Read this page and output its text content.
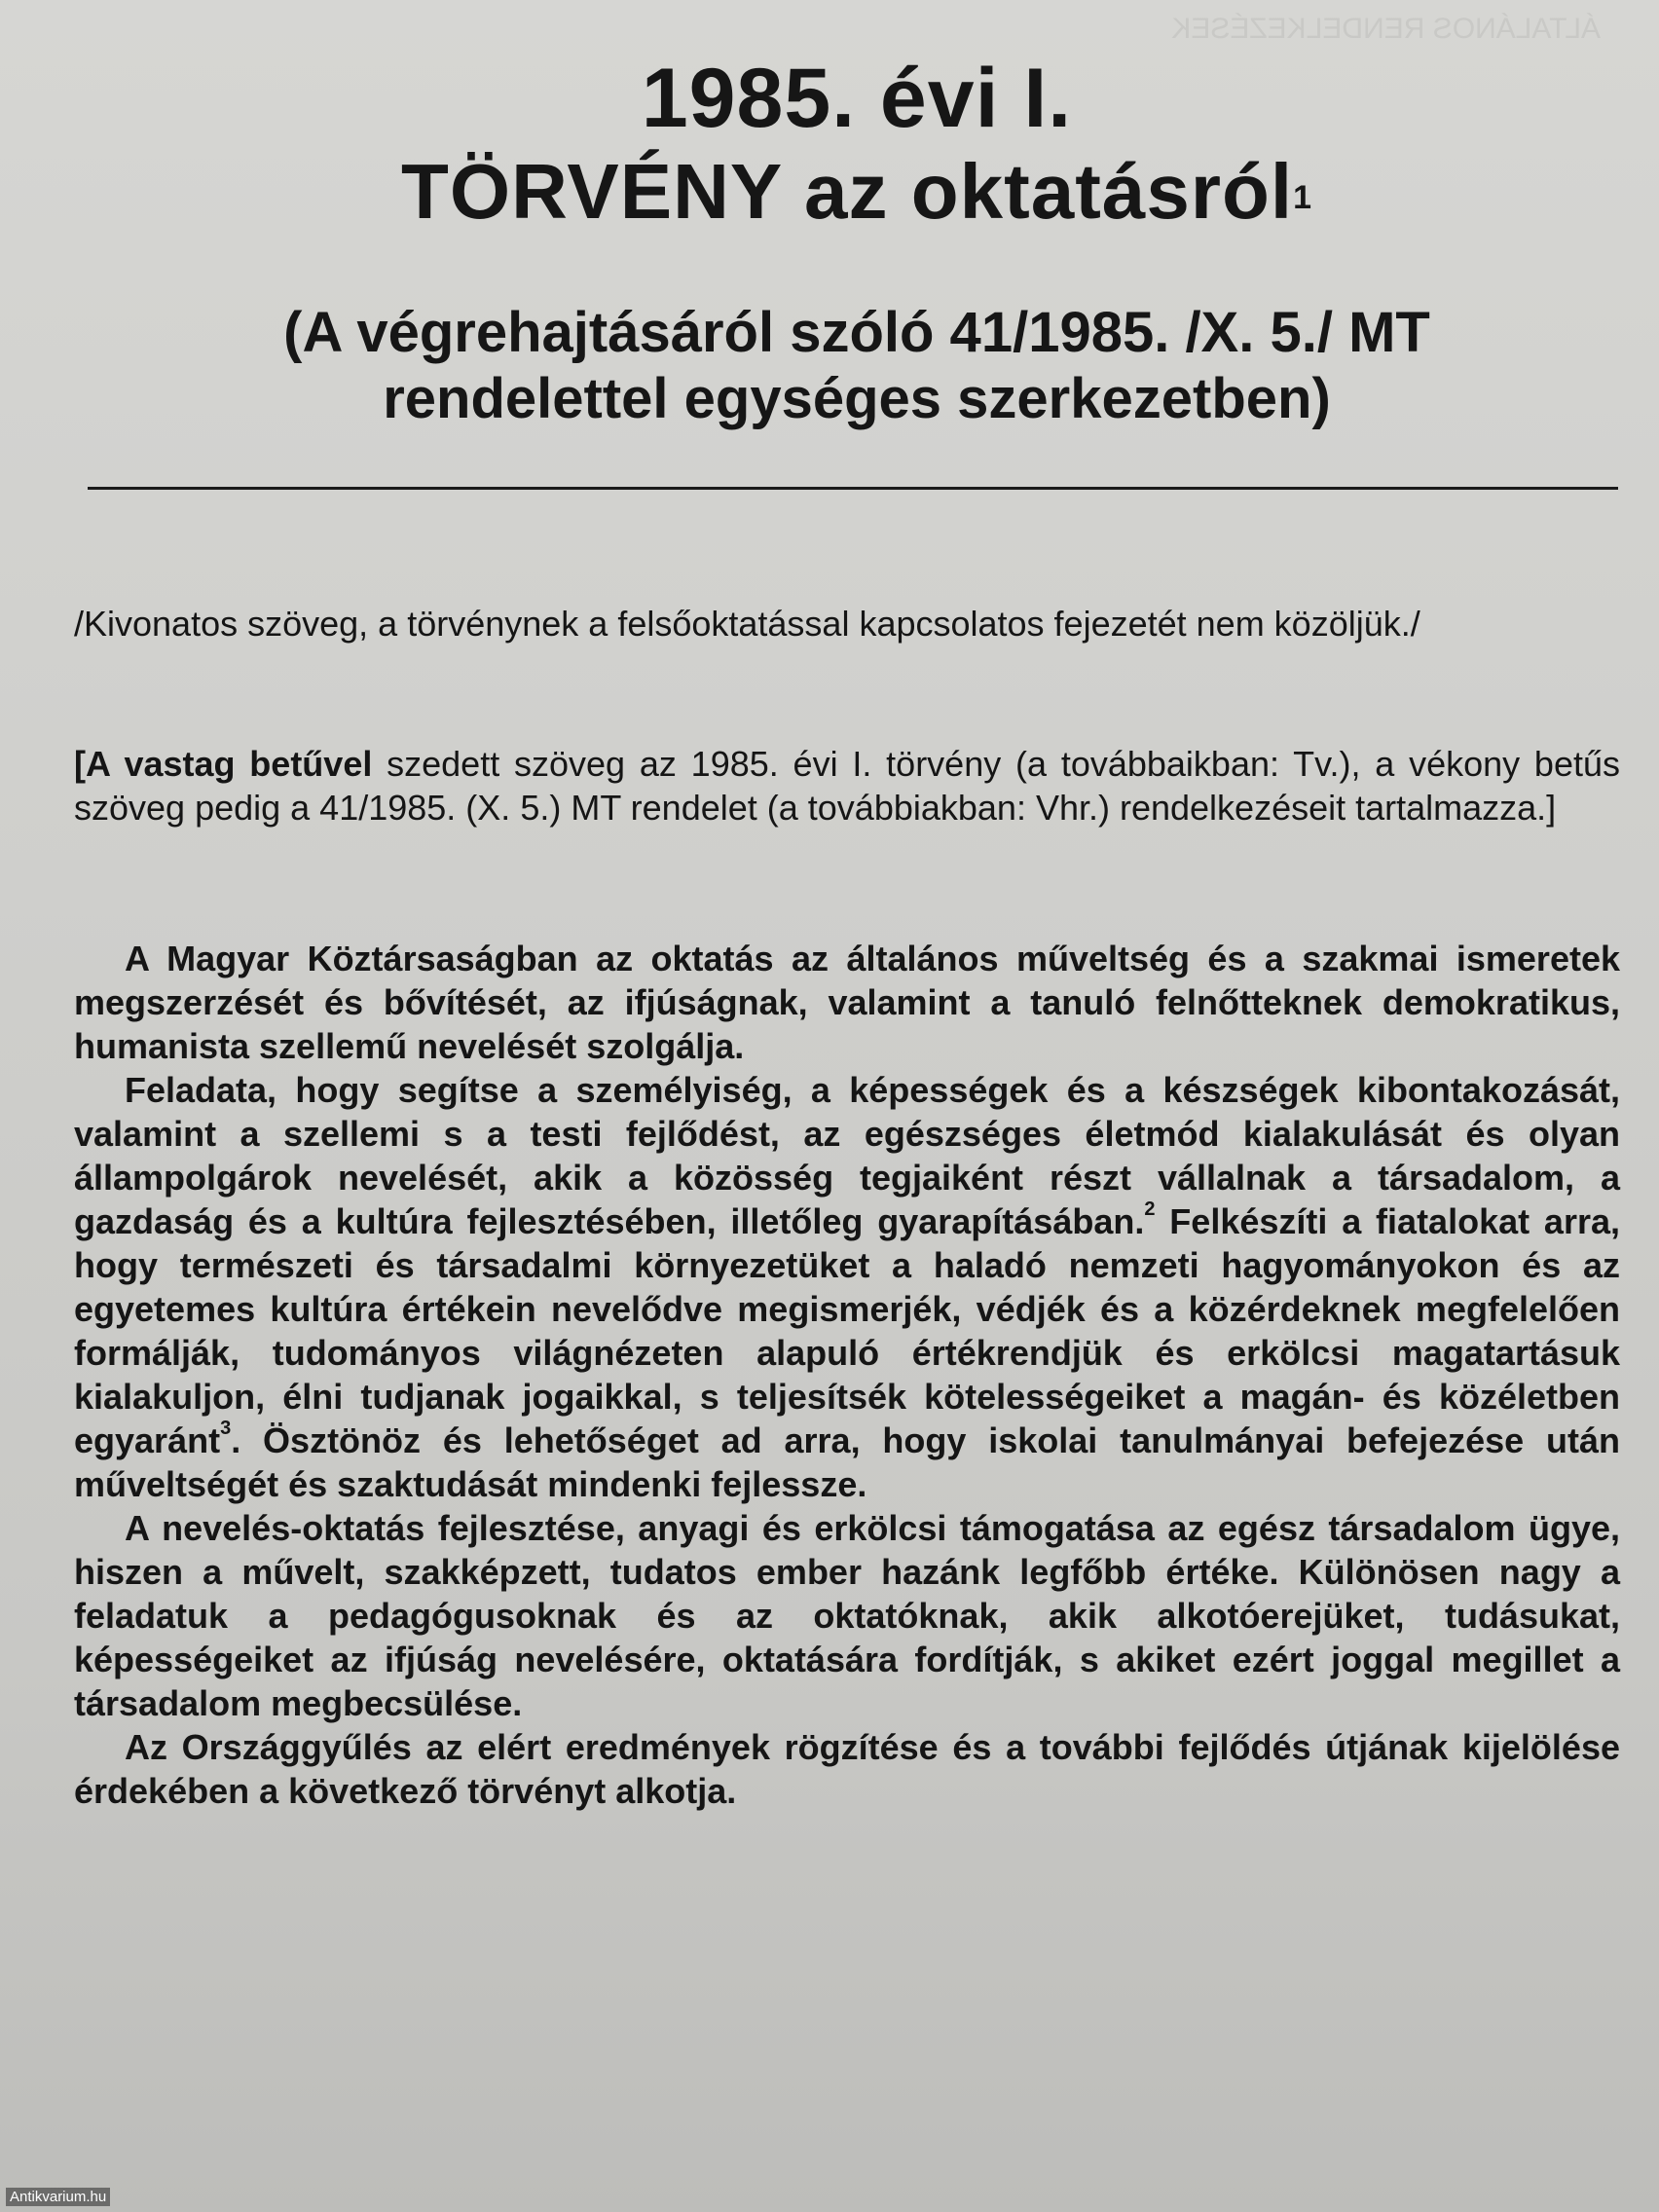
ÁLTALÁNOS RENDELKEZÉSEK
1985. évi I.
TÖRVÉNY az oktatásról$^1$
(A végrehajtásáról szóló 41/1985. /X. 5./ MT
rendelettel egységes szerkezetben)

/Kivonatos szöveg, a törvénynek a felsőoktatással kapcsolatos fejezetét nem közöljük./

[A vastag betűvel szedett szöveg az 1985. évi I. törvény (a továbbaikban: Tv.), a vékony betűs szöveg pedig a 41/1985. (X. 5.) MT rendelet (a továbbiakban: Vhr.) rendelkezéseit tartalmazza.]

A Magyar Köztársaságban az oktatás az általános műveltség és a szakmai ismeretek megszerzését és bővítését, az ifjúságnak, valamint a tanuló felnőtteknek demokratikus, humanista szellemű nevelését szolgálja.

Feladata, hogy segítse a személyiség, a képességek és a készségek kibontakozását, valamint a szellemi s a testi fejlődést, az egészséges életmód kialakulását és olyan állampolgárok nevelését, akik a közösség tegjaiként részt vállalnak a társadalom, a gazdaság és a kultúra fejlesztésében, illetőleg gyarapításában.$^2$ Felkészíti a fiatalokat arra, hogy természeti és társadalmi környezetüket a haladó nemzeti hagyományokon és az egyetemes kultúra értékein nevelődve megismerjék, védjék és a közérdeknek megfelelően formálják, tudományos világnézeten alapuló értékrendjük és erkölcsi magatartásuk kialakuljon, élni tudjanak jogaikkal, s teljesítsék kötelességeiket a magán- és közéletben egyaránt$^3$. Ösztönöz és lehetőséget ad arra, hogy iskolai tanulmányai befejezése után műveltségét és szaktudását mindenki fejlessze.

A nevelés-oktatás fejlesztése, anyagi és erkölcsi támogatása az egész társadalom ügye, hiszen a művelt, szakképzett, tudatos ember hazánk legfőbb értéke. Különösen nagy a feladatuk a pedagógusoknak és az oktatóknak, akik alkotóerejüket, tudásukat, képességeiket az ifjúság nevelésére, oktatására fordítják, s akiket ezért joggal megillet a társadalom megbecsülése.

Az Országgyűlés az elért eredmények rögzítése és a további fejlődés útjának kijelölése érdekében a következő törvényt alkotja.

Antikvarium.hu
